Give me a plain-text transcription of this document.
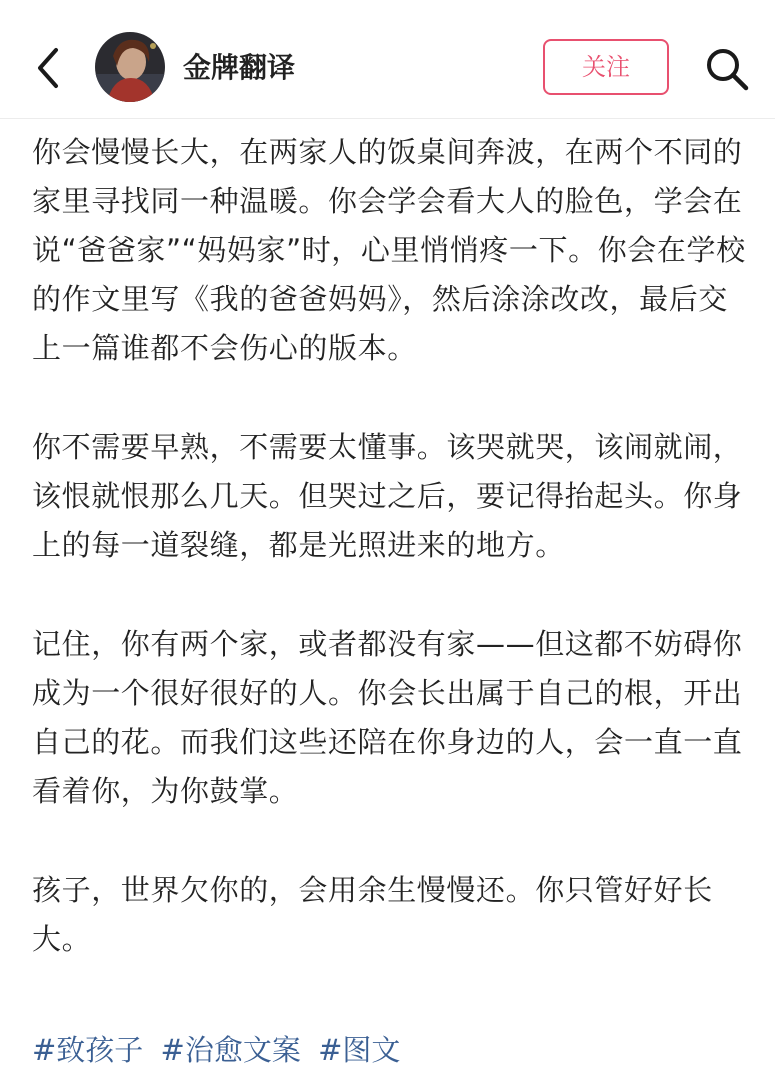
金牌翻译	关注

你会慢慢长大，在两家人的饭桌间奔波，在两个不同的家里寻找同一种温暖。你会学会看大人的脸色，学会在说“爸爸家”“妈妈家”时，心里悄悄疼一下。你会在学校的作文里写《我的爸爸妈妈》，然后涂涂改改，最后交上一篇谁都不会伤心的版本。

你不需要早熟，不需要太懂事。该哭就哭，该闹就闹，该恨就恨那么几天。但哭过之后，要记得抬起头。你身上的每一道裂缝，都是光照进来的地方。

记住，你有两个家，或者都没有家——但这都不妨碍你成为一个很好很好的人。你会长出属于自己的根，开出自己的花。而我们这些还陪在你身边的人，会一直一直看着你，为你鼓掌。

孩子，世界欠你的，会用余生慢慢还。你只管好好长大。

#致孩子 #治愈文案 #图文
